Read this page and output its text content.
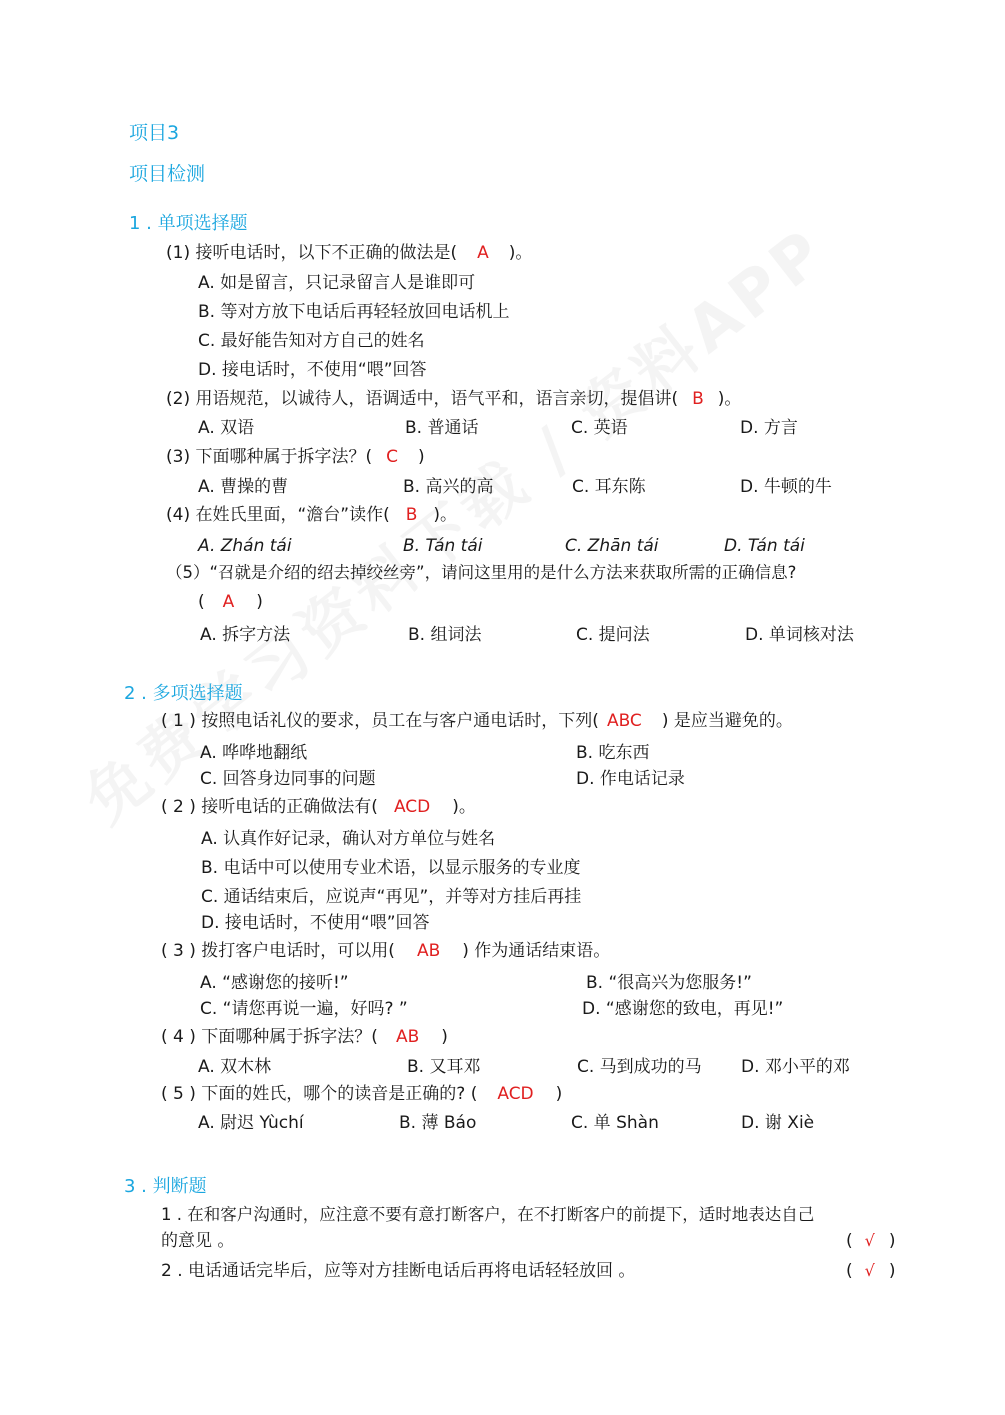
项目3
项目检测
1 . 单项选择题
(1) 接听电话时，以下不正确的做法是( A )。
A. 如是留言，只记录留言人是谁即可
B. 等对方放下电话后再轻轻放回电话机上
C. 最好能告知对方自己的姓名
D. 接电话时，不使用“喂”回答
(2) 用语规范，以诚待人，语调适中，语气平和，语言亲切，提倡讲( B )。
A. 双语	B. 普通话	C. 英语	D. 方言
(3) 下面哪种属于拆字法？( C )
A. 曹操的曹	B. 高兴的高	C. 耳东陈	D. 牛顿的牛
(4) 在姓氏里面，“澹台”读作( B )。
A. Zhán tái	B. Tán tái	C. Zhān tái	D. Tán tái
（5）“召就是介绍的绍去掉绞丝旁”，请问这里用的是什么方法来获取所需的正确信息?
( A )
A. 拆字方法	B. 组词法	C. 提问法	D. 单词核对法
2 . 多项选择题
( 1 ) 按照电话礼仪的要求，员工在与客户通电话时，下列( ABC ) 是应当避免的。
A. 哗哗地翻纸	B. 吃东西
C. 回答身边同事的问题	D. 作电话记录
( 2 ) 接听电话的正确做法有( ACD )。
A. 认真作好记录，确认对方单位与姓名
B. 电话中可以使用专业术语，以显示服务的专业度
C. 通话结束后，应说声“再见”，并等对方挂后再挂
D. 接电话时，不使用“喂”回答
( 3 ) 拨打客户电话时，可以用( AB ) 作为通话结束语。
A. “感谢您的接听!”	B. “很高兴为您服务!”
C. “请您再说一遍，好吗? ”	D. “感谢您的致电，再见!”
( 4 ) 下面哪种属于拆字法？( AB )
A. 双木林	B. 又耳邓	C. 马到成功的马 D. 邓小平的邓
( 5 ) 下面的姓氏，哪个的读音是正确的? ( ACD )
A. 尉迟 Yùchí	B. 薄 Báo	C. 单 Shàn	D. 谢 Xiè
3 . 判断题
1 . 在和客户沟通时，应注意不要有意打断客户，在不打断客户的前提下，适时地表达自己
的意见 。	( √ )
2 . 电话通话完毕后，应等对方挂断电话后再将电话轻轻放回 。	( √ )
